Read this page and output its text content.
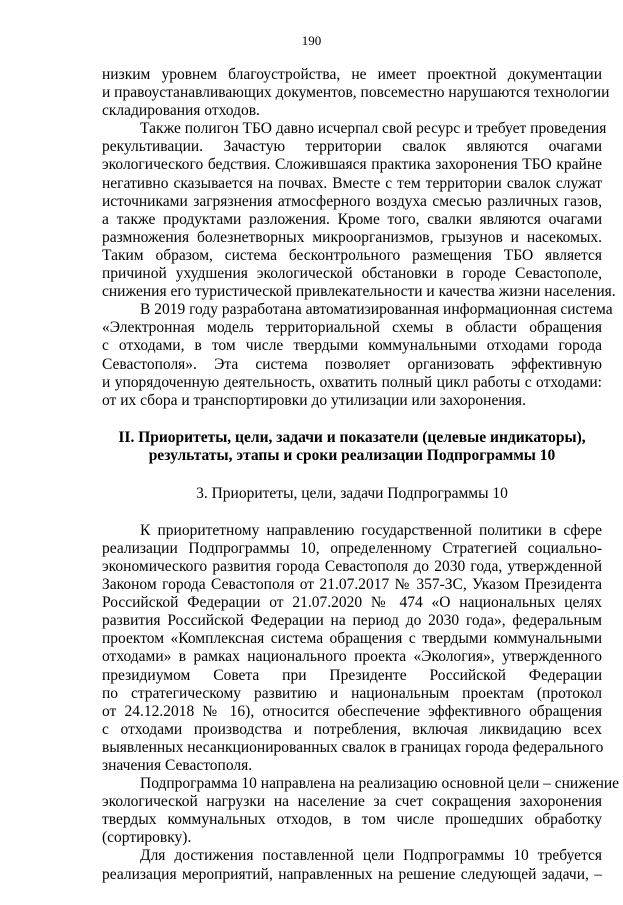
190
низким уровнем благоустройства, не имеет проектной документации
и правоустанавливающих документов, повсеместно нарушаются технологии
складирования отходов.
Также полигон ТБО давно исчерпал свой ресурс и требует проведения
рекультивации. Зачастую территории свалок являются очагами
экологического бедствия. Сложившаяся практика захоронения ТБО крайне
негативно сказывается на почвах. Вместе с тем территории свалок служат
источниками загрязнения атмосферного воздуха смесью различных газов,
а также продуктами разложения. Кроме того, свалки являются очагами
размножения болезнетворных микроорганизмов, грызунов и насекомых.
Таким образом, система бесконтрольного размещения ТБО является
причиной ухудшения экологической обстановки в городе Севастополе,
снижения его туристической привлекательности и качества жизни населения.
В 2019 году разработана автоматизированная информационная система
«Электронная модель территориальной схемы в области обращения
с отходами, в том числе твердыми коммунальными отходами города
Севастополя». Эта система позволяет организовать эффективную
и упорядоченную деятельность, охватить полный цикл работы с отходами:
от их сбора и транспортировки до утилизации или захоронения.
II. Приоритеты, цели, задачи и показатели (целевые индикаторы),
результаты, этапы и сроки реализации Подпрограммы 10
3. Приоритеты, цели, задачи Подпрограммы 10
К приоритетному направлению государственной политики в сфере
реализации Подпрограммы 10, определенному Стратегией социально-
экономического развития города Севастополя до 2030 года, утвержденной
Законом города Севастополя от 21.07.2017 № 357-ЗС, Указом Президента
Российской Федерации от 21.07.2020 № 474 «О национальных целях
развития Российской Федерации на период до 2030 года», федеральным
проектом «Комплексная система обращения с твердыми коммунальными
отходами» в рамках национального проекта «Экология», утвержденного
президиумом Совета при Президенте Российской Федерации
по стратегическому развитию и национальным проектам (протокол
от 24.12.2018 № 16), относится обеспечение эффективного обращения
с отходами производства и потребления, включая ликвидацию всех
выявленных несанкционированных свалок в границах города федерального
значения Севастополя.
Подпрограмма 10 направлена на реализацию основной цели – снижение
экологической нагрузки на население за счет сокращения захоронения
твердых коммунальных отходов, в том числе прошедших обработку
(сортировку).
Для достижения поставленной цели Подпрограммы 10 требуется
реализация мероприятий, направленных на решение следующей задачи, –
